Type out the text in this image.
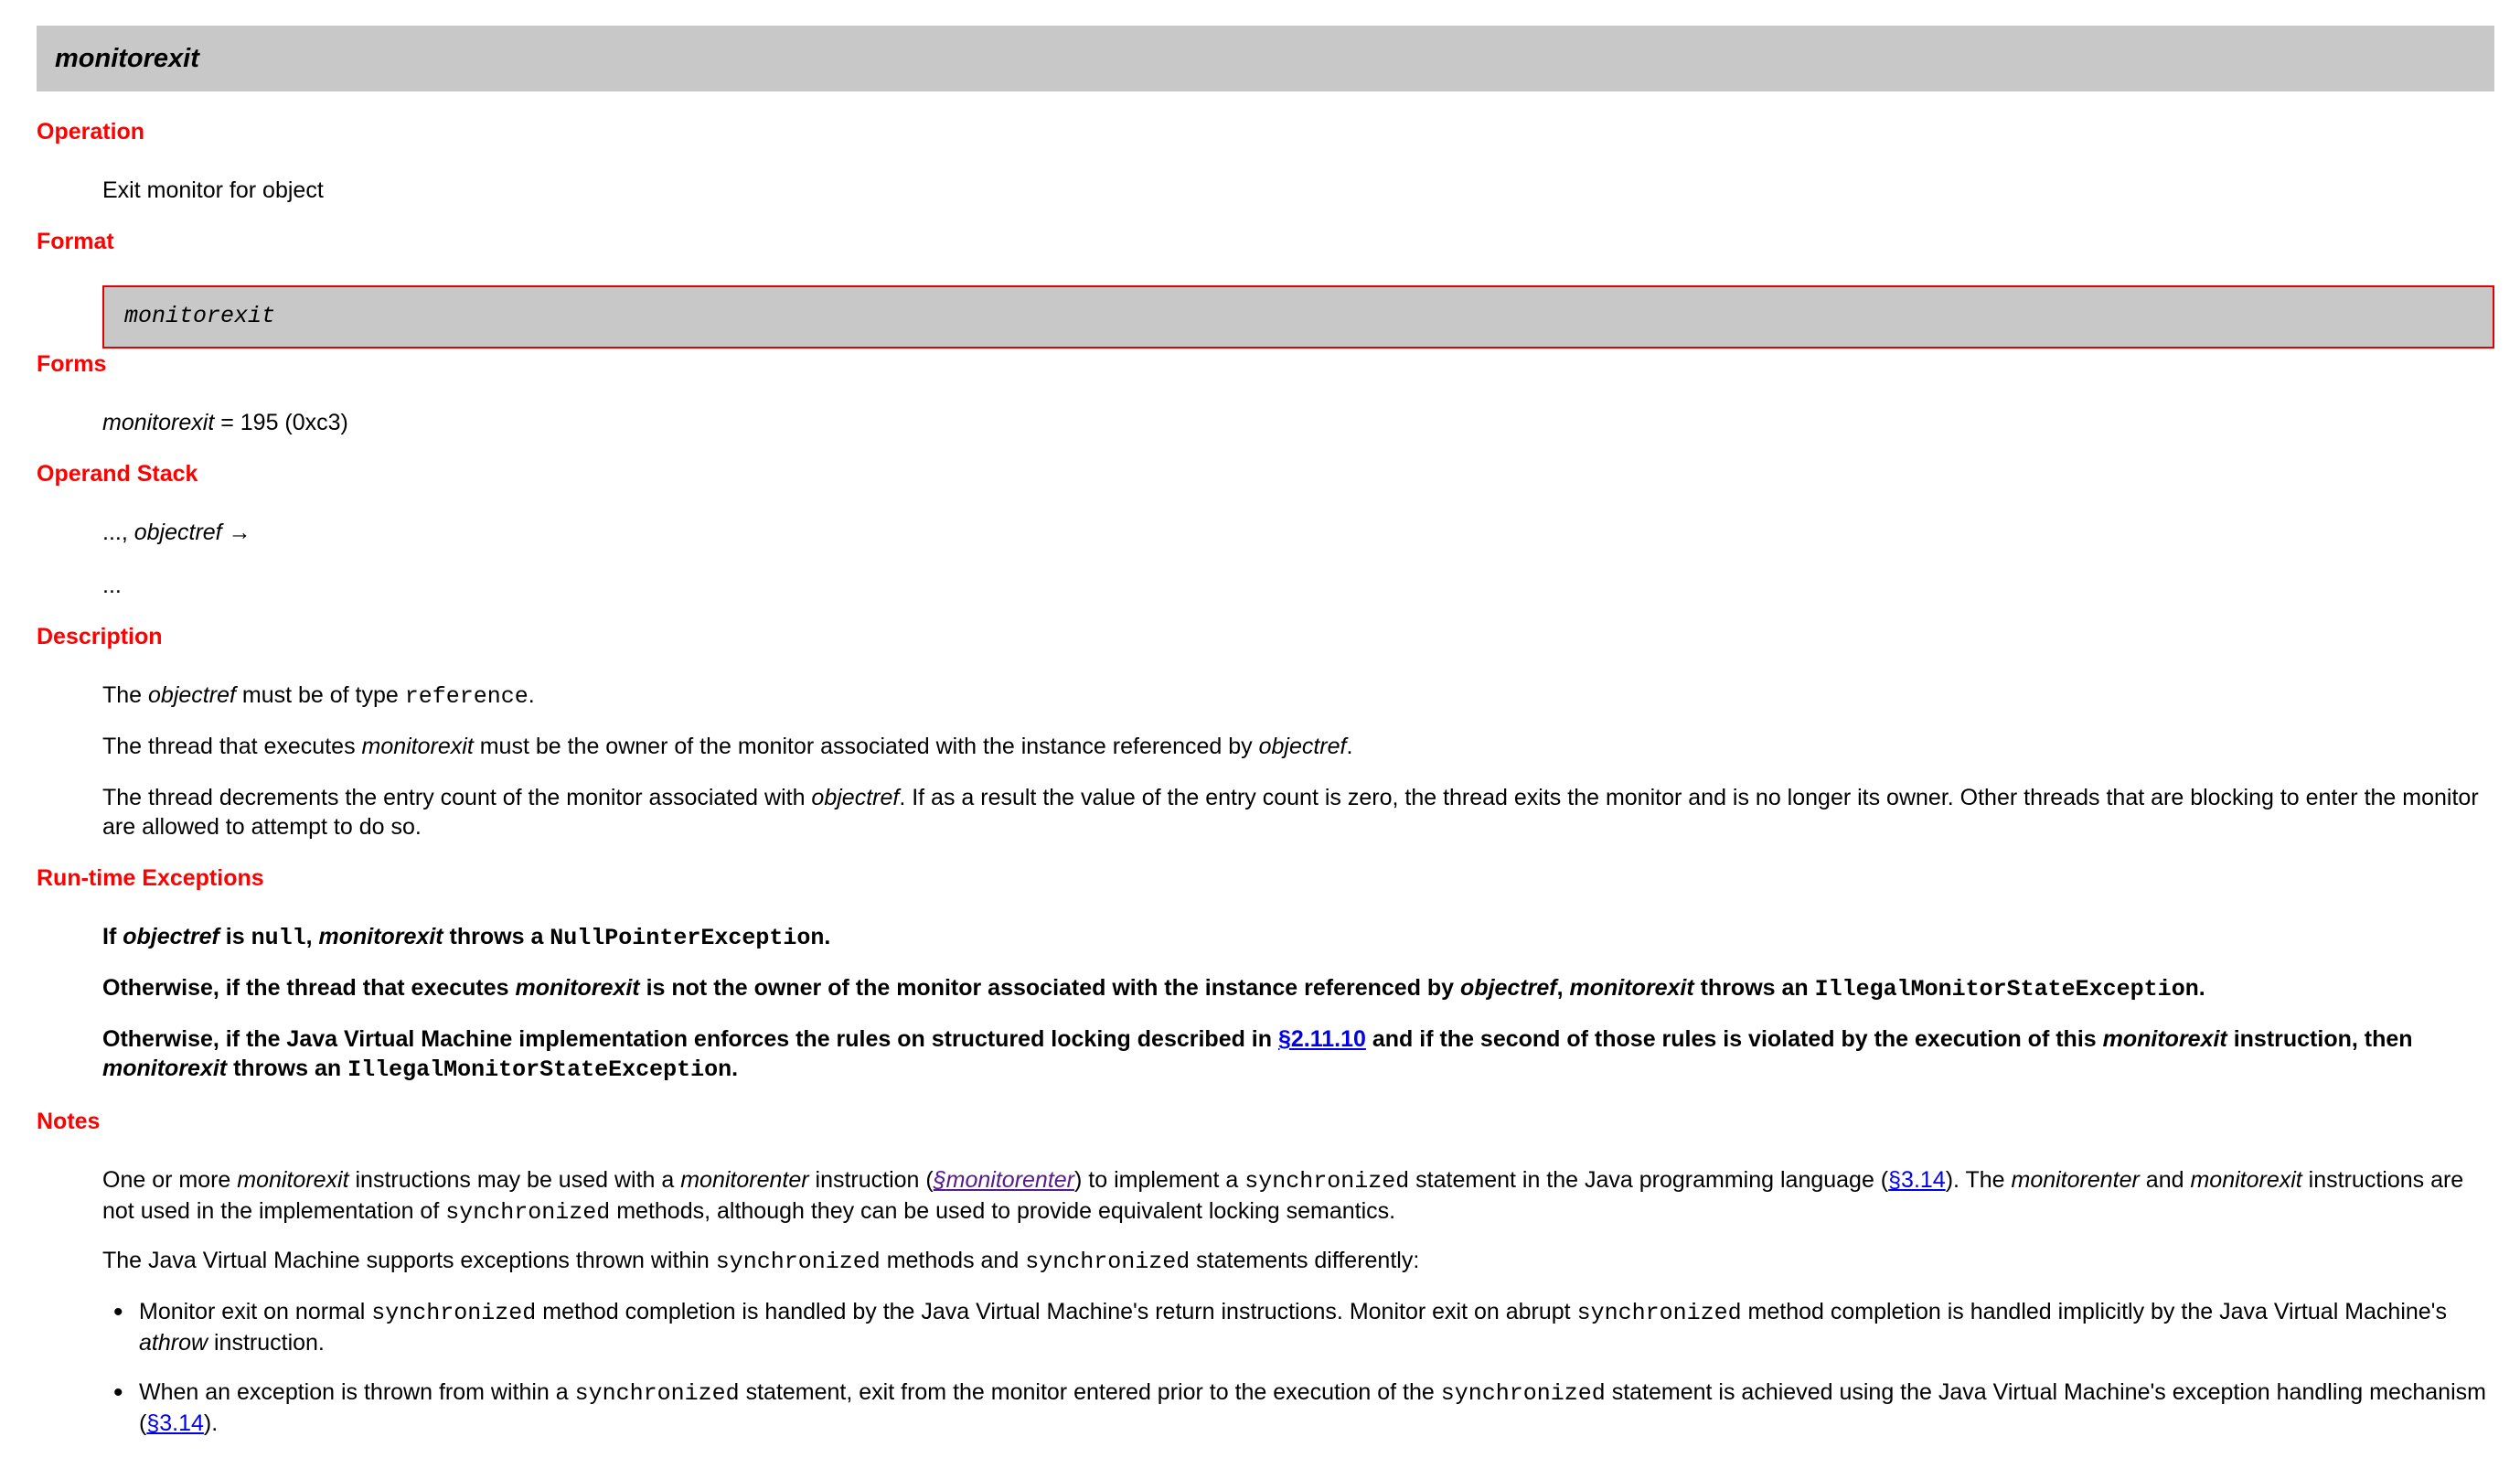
monitorexit
Operation
Exit monitor for object
Format
monitorexit
Forms
monitorexit = 195 (0xc3)
Operand Stack
..., objectref →
...
Description
The objectref must be of type reference.
The thread that executes monitorexit must be the owner of the monitor associated with the instance referenced by objectref.
The thread decrements the entry count of the monitor associated with objectref. If as a result the value of the entry count is zero, the thread exits the monitor and is no longer its owner. Other threads that are blocking to enter the monitor are allowed to attempt to do so.
Run-time Exceptions
If objectref is null, monitorexit throws a NullPointerException.
Otherwise, if the thread that executes monitorexit is not the owner of the monitor associated with the instance referenced by objectref, monitorexit throws an IllegalMonitorStateException.
Otherwise, if the Java Virtual Machine implementation enforces the rules on structured locking described in §2.11.10 and if the second of those rules is violated by the execution of this monitorexit instruction, then monitorexit throws an IllegalMonitorStateException.
Notes
One or more monitorexit instructions may be used with a monitorenter instruction (§monitorenter) to implement a synchronized statement in the Java programming language (§3.14). The monitorenter and monitorexit instructions are not used in the implementation of synchronized methods, although they can be used to provide equivalent locking semantics.
The Java Virtual Machine supports exceptions thrown within synchronized methods and synchronized statements differently:
• Monitor exit on normal synchronized method completion is handled by the Java Virtual Machine's return instructions. Monitor exit on abrupt synchronized method completion is handled implicitly by the Java Virtual Machine's athrow instruction.
• When an exception is thrown from within a synchronized statement, exit from the monitor entered prior to the execution of the synchronized statement is achieved using the Java Virtual Machine's exception handling mechanism (§3.14).
